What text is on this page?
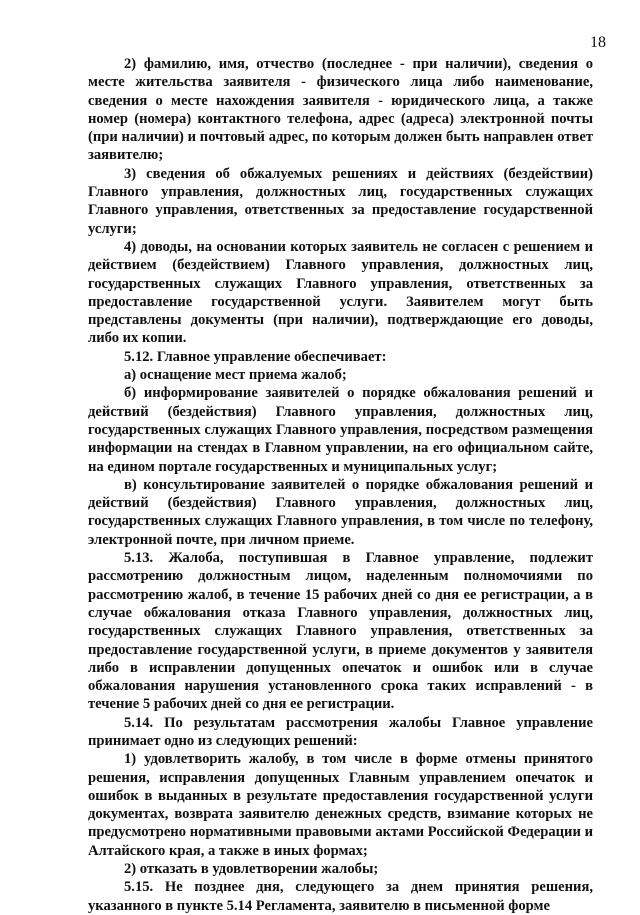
18

2) фамилию, имя, отчество (последнее - при наличии), сведения о месте жительства заявителя - физического лица либо наименование, сведения о месте нахождения заявителя - юридического лица, а также номер (номера) контактного телефона, адрес (адреса) электронной почты (при наличии) и почтовый адрес, по которым должен быть направлен ответ заявителю;

3) сведения об обжалуемых решениях и действиях (бездействии) Главного управления, должностных лиц, государственных служащих Главного управления, ответственных за предоставление государственной услуги;

4) доводы, на основании которых заявитель не согласен с решением и действием (бездействием) Главного управления, должностных лиц, государственных служащих Главного управления, ответственных за предоставление государственной услуги. Заявителем могут быть представлены документы (при наличии), подтверждающие его доводы, либо их копии.

5.12. Главное управление обеспечивает:

а) оснащение мест приема жалоб;

б) информирование заявителей о порядке обжалования решений и действий (бездействия) Главного управления, должностных лиц, государственных служащих Главного управления, посредством размещения информации на стендах в Главном управлении, на его официальном сайте, на едином портале государственных и муниципальных услуг;

в) консультирование заявителей о порядке обжалования решений и действий (бездействия) Главного управления, должностных лиц, государственных служащих Главного управления, в том числе по телефону, электронной почте, при личном приеме.

5.13. Жалоба, поступившая в Главное управление, подлежит рассмотрению должностным лицом, наделенным полномочиями по рассмотрению жалоб, в течение 15 рабочих дней со дня ее регистрации, а в случае обжалования отказа Главного управления, должностных лиц, государственных служащих Главного управления, ответственных за предоставление государственной услуги, в приеме документов у заявителя либо в исправлении допущенных опечаток и ошибок или в случае обжалования нарушения установленного срока таких исправлений - в течение 5 рабочих дней со дня ее регистрации.

5.14. По результатам рассмотрения жалобы Главное управление принимает одно из следующих решений:

1) удовлетворить жалобу, в том числе в форме отмены принятого решения, исправления допущенных Главным управлением опечаток и ошибок в выданных в результате предоставления государственной услуги документах, возврата заявителю денежных средств, взимание которых не предусмотрено нормативными правовыми актами Российской Федерации и Алтайского края, а также в иных формах;

2) отказать в удовлетворении жалобы;

5.15. Не позднее дня, следующего за днем принятия решения, указанного в пункте 5.14 Регламента, заявителю в письменной форме
